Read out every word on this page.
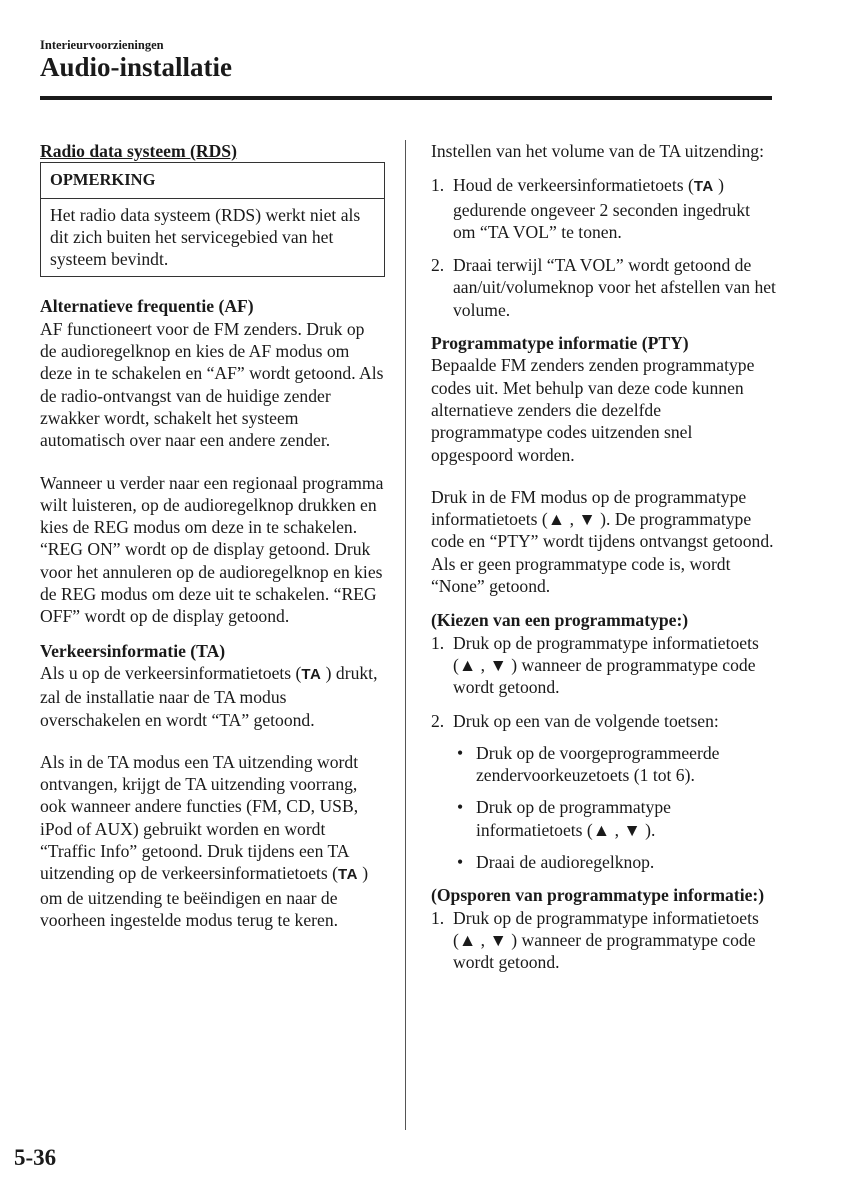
Interieurvoorzieningen
Audio-installatie

Radio data systeem (RDS)

OPMERKING
Het radio data systeem (RDS) werkt niet als dit zich buiten het servicegebied van het systeem bevindt.

Alternatieve frequentie (AF)

AF functioneert voor de FM zenders. Druk op de audioregelknop en kies de AF modus om deze in te schakelen en “AF” wordt getoond. Als de radio-ontvangst van de huidige zender zwakker wordt, schakelt het systeem automatisch over naar een andere zender.

Wanneer u verder naar een regionaal programma wilt luisteren, op de audioregelknop drukken en kies de REG modus om deze in te schakelen. “REG ON” wordt op de display getoond. Druk voor het annuleren op de audioregelknop en kies de REG modus om deze uit te schakelen. “REG OFF” wordt op de display getoond.

Verkeersinformatie (TA)

Als u op de verkeersinformatietoets (TA ) drukt, zal de installatie naar de TA modus overschakelen en wordt “TA” getoond.

Als in de TA modus een TA uitzending wordt ontvangen, krijgt de TA uitzending voorrang, ook wanneer andere functies (FM, CD, USB, iPod of AUX) gebruikt worden en wordt “Traffic Info” getoond. Druk tijdens een TA uitzending op de verkeersinformatietoets (TA ) om de uitzending te beëindigen en naar de voorheen ingestelde modus terug te keren.

Instellen van het volume van de TA uitzending:

1. Houd de verkeersinformatietoets (TA ) gedurende ongeveer 2 seconden ingedrukt om “TA VOL” te tonen.
2. Draai terwijl “TA VOL” wordt getoond de aan/uit/volumeknop voor het afstellen van het volume.

Programmatype informatie (PTY)

Bepaalde FM zenders zenden programmatype codes uit. Met behulp van deze code kunnen alternatieve zenders die dezelfde programmatype codes uitzenden snel opgespoord worden.

Druk in de FM modus op de programmatype informatietoets (▲ , ▼ ). De programmatype code en “PTY” wordt tijdens ontvangst getoond. Als er geen programmatype code is, wordt “None” getoond.

(Kiezen van een programmatype:)

1. Druk op de programmatype informatietoets (▲ , ▼ ) wanneer de programmatype code wordt getoond.
2. Druk op een van de volgende toetsen:
• Druk op de voorgeprogrammeerde zendervoorkeuzetoets (1 tot 6).
• Druk op de programmatype informatietoets (▲ , ▼ ).
• Draai de audioregelknop.

(Opsporen van programmatype informatie:)

1. Druk op de programmatype informatietoets (▲ , ▼ ) wanneer de programmatype code wordt getoond.
5-36
